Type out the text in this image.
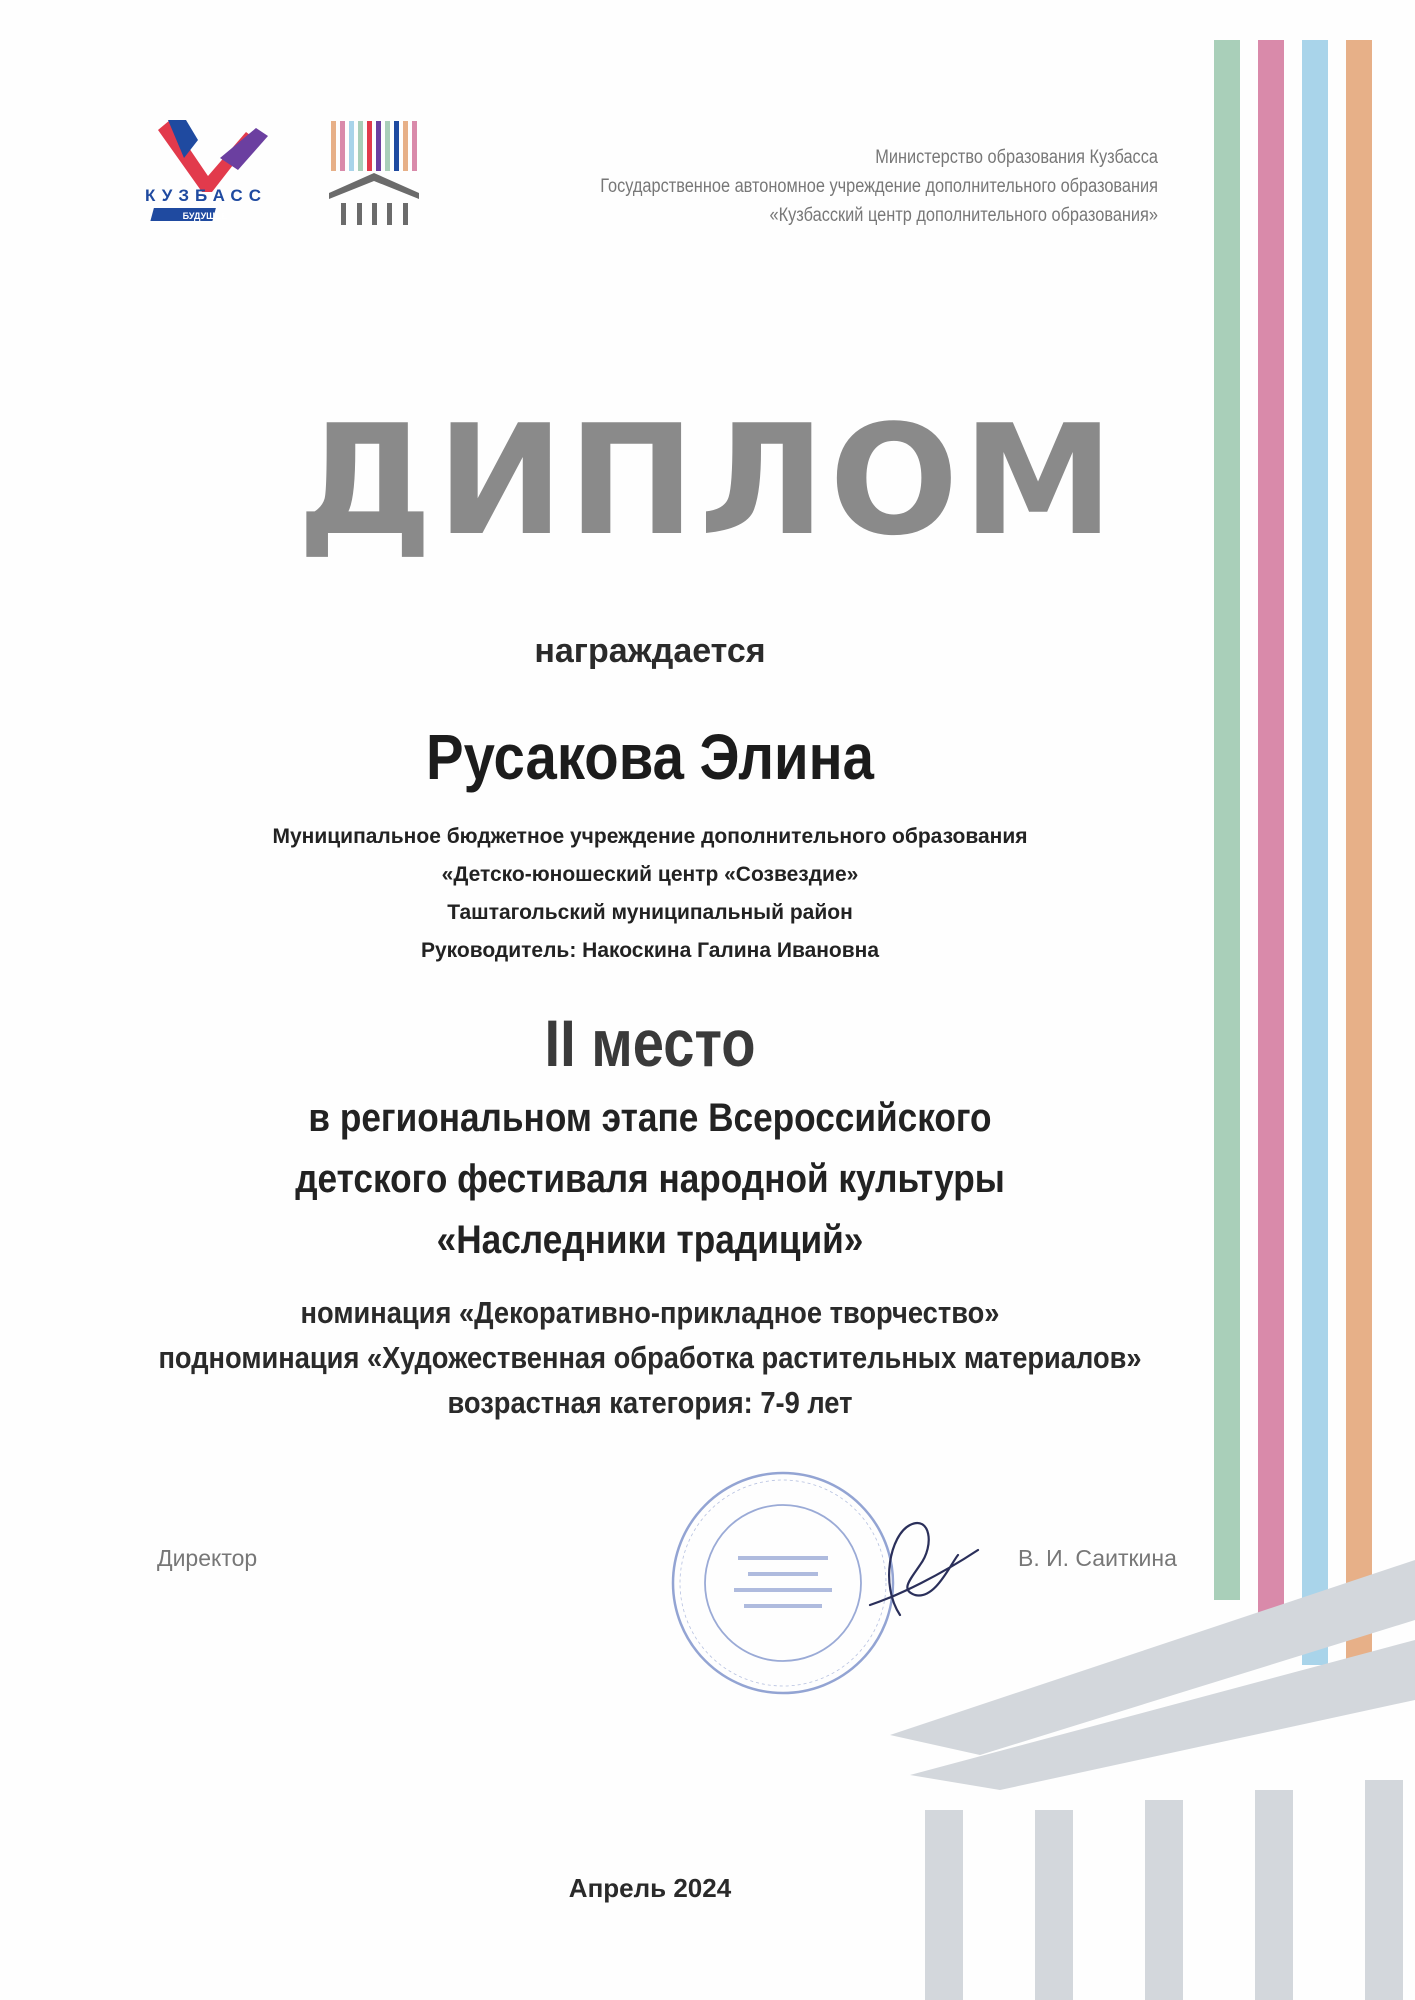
КУЗБАСС
БУДУЩЕЕ
Министерство образования Кузбасса
Государственное автономное учреждение дополнительного образования
«Кузбасский центр дополнительного образования»
ДИПЛОМ
награждается
Русакова Элина
Муниципальное бюджетное учреждение дополнительного образования
«Детско-юношеский центр «Созвездие»
Таштагольский муниципальный район
Руководитель: Накоскина Галина Ивановна
II место
в региональном этапе Всероссийского
детского фестиваля народной культуры
«Наследники традиций»
номинация «Декоративно-прикладное творчество»
подноминация «Художественная обработка растительных материалов»
возрастная категория: 7-9 лет
Директор	В. И. Саиткина
Апрель 2024
